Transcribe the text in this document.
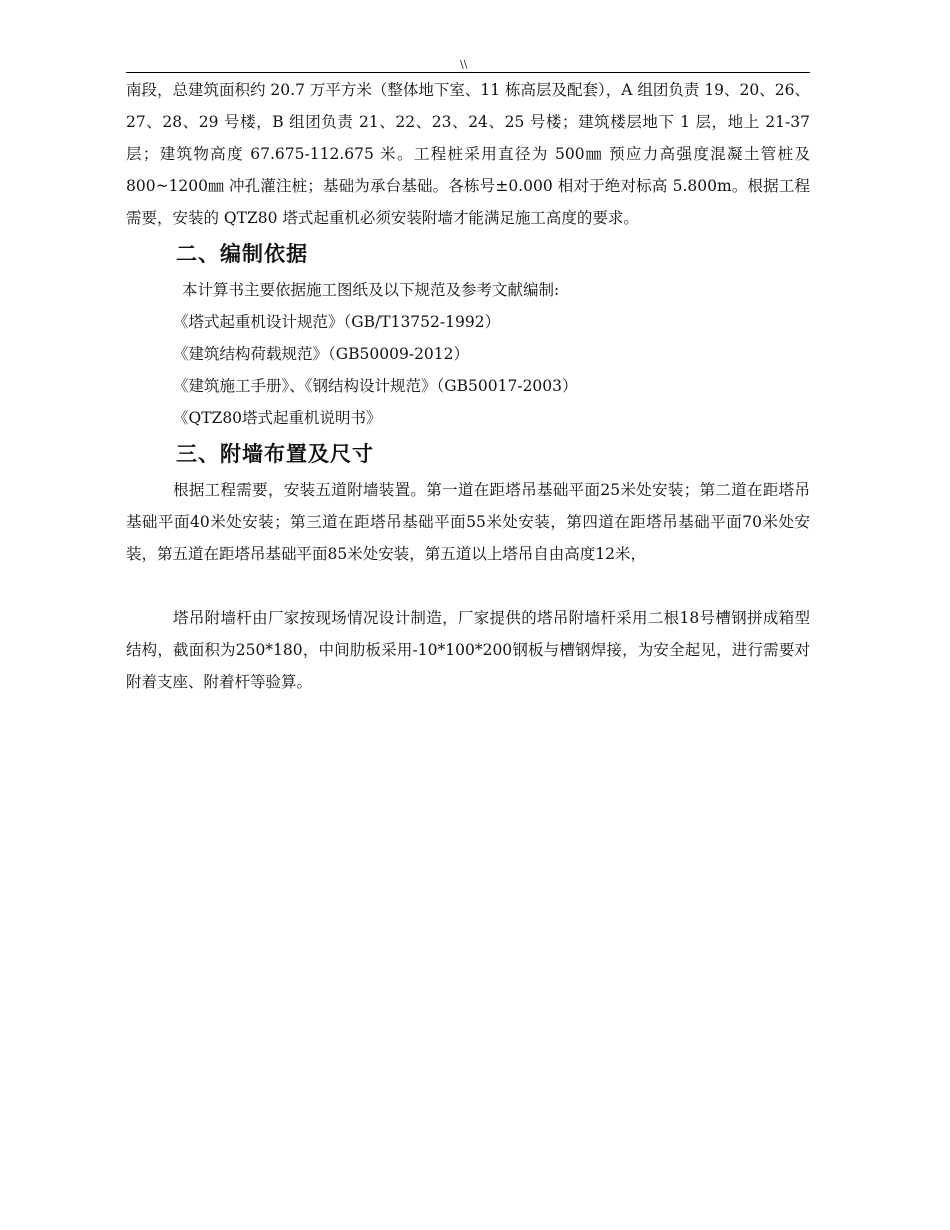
\\

南段，总建筑面积约 20.7 万平方米（整体地下室、11 栋高层及配套），A 组团负责 19、20、26、27、28、29 号楼，B 组团负责 21、22、23、24、25 号楼；建筑楼层地下 1 层，地上 21-37 层；建筑物高度 67.675-112.675 米。工程桩采用直径为 500㎜ 预应力高强度混凝土管桩及 800~1200㎜ 冲孔灌注桩；基础为承台基础。各栋号±0.000 相对于绝对标高 5.800m。根据工程需要，安装的 QTZ80 塔式起重机必须安装附墙才能满足施工高度的要求。

二、编制依据

本计算书主要依据施工图纸及以下规范及参考文献编制:

《塔式起重机设计规范》（GB/T13752-1992）

《建筑结构荷载规范》（GB50009-2012）

《建筑施工手册》、《钢结构设计规范》（GB50017-2003）

《QTZ80塔式起重机说明书》

三、附墙布置及尺寸

根据工程需要，安装五道附墙装置。第一道在距塔吊基础平面25米处安装；第二道在距塔吊基础平面40米处安装；第三道在距塔吊基础平面55米处安装，第四道在距塔吊基础平面70米处安装，第五道在距塔吊基础平面85米处安装，第五道以上塔吊自由高度12米，

塔吊附墙杆由厂家按现场情况设计制造，厂家提供的塔吊附墙杆采用二根18号槽钢拼成箱型结构，截面积为250*180，中间肋板采用-10*100*200钢板与槽钢焊接，为安全起见，进行需要对附着支座、附着杆等验算。
